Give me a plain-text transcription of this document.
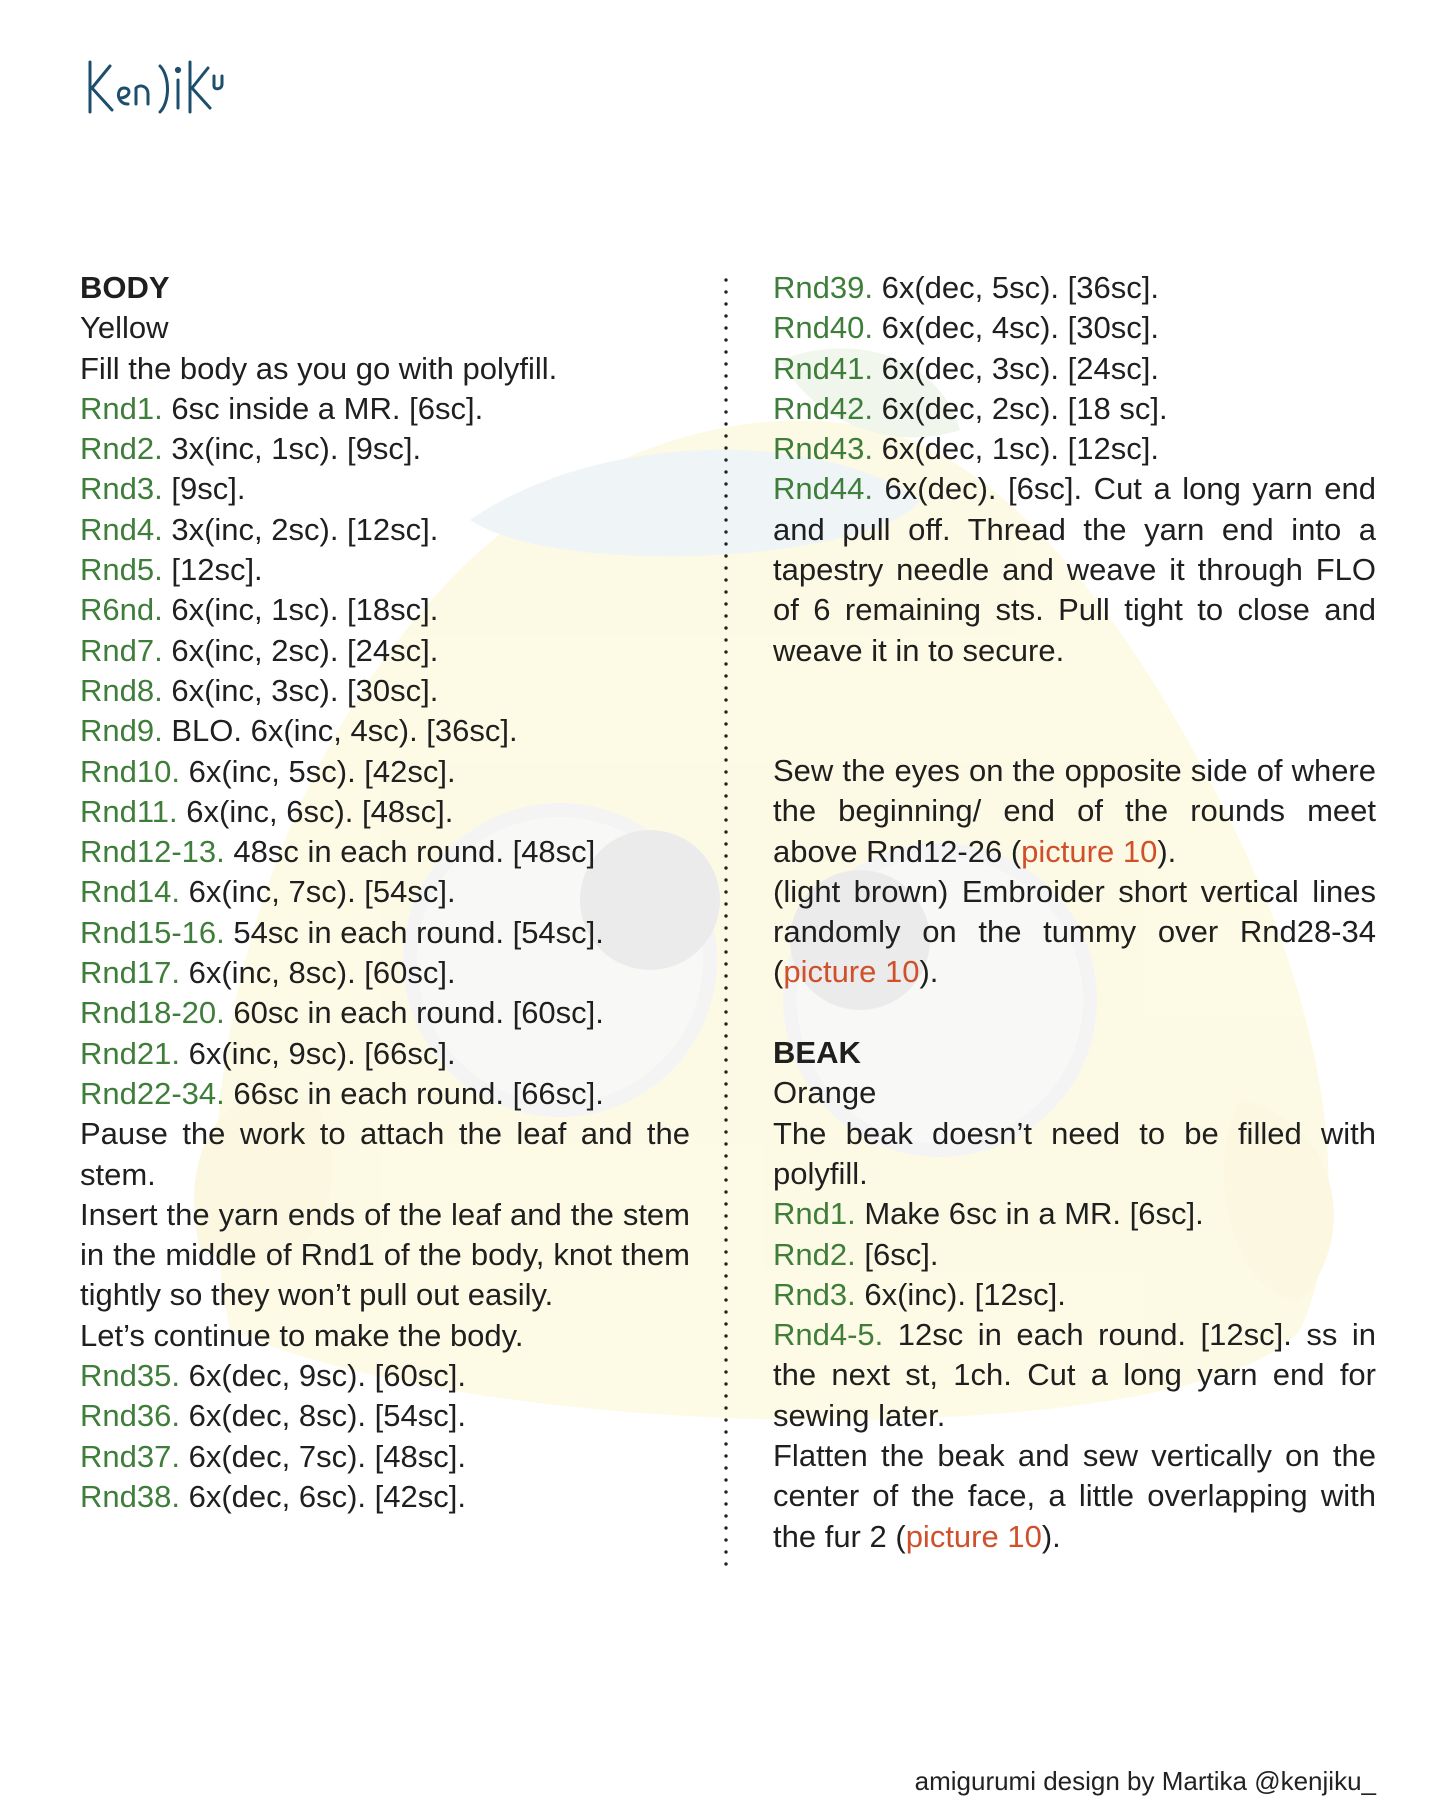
BODY
Yellow
Fill the body as you go with polyfill.
Rnd1. 6sc inside a MR. [6sc].
Rnd2. 3x(inc, 1sc). [9sc].
Rnd3. [9sc].
Rnd4. 3x(inc, 2sc). [12sc].
Rnd5. [12sc].
R6nd. 6x(inc, 1sc). [18sc].
Rnd7. 6x(inc, 2sc). [24sc].
Rnd8. 6x(inc, 3sc). [30sc].
Rnd9. BLO. 6x(inc, 4sc). [36sc].
Rnd10. 6x(inc, 5sc). [42sc].
Rnd11. 6x(inc, 6sc). [48sc].
Rnd12-13. 48sc in each round. [48sc]
Rnd14. 6x(inc, 7sc). [54sc].
Rnd15-16. 54sc in each round. [54sc].
Rnd17. 6x(inc, 8sc). [60sc].
Rnd18-20. 60sc in each round. [60sc].
Rnd21. 6x(inc, 9sc). [66sc].
Rnd22-34. 66sc in each round. [66sc].
Pause the work to attach the leaf and the stem.
Insert the yarn ends of the leaf and the stem in the middle of Rnd1 of the body, knot them tightly so they won’t pull out easily.
Let’s continue to make the body.
Rnd35. 6x(dec, 9sc). [60sc].
Rnd36. 6x(dec, 8sc). [54sc].
Rnd37. 6x(dec, 7sc). [48sc].
Rnd38. 6x(dec, 6sc). [42sc].
Rnd39. 6x(dec, 5sc). [36sc].
Rnd40. 6x(dec, 4sc). [30sc].
Rnd41. 6x(dec, 3sc). [24sc].
Rnd42. 6x(dec, 2sc). [18 sc].
Rnd43. 6x(dec, 1sc). [12sc].
Rnd44. 6x(dec). [6sc]. Cut a long yarn end and pull off. Thread the yarn end into a tapestry needle and weave it through FLO of 6 remaining sts. Pull tight to close and weave it in to secure.
Sew the eyes on the opposite side of where the beginning/ end of the rounds meet above Rnd12-26 (picture 10).
(light brown) Embroider short vertical lines randomly on the tummy over Rnd28-34 (picture 10).
BEAK
Orange
The beak doesn’t need to be filled with polyfill.
Rnd1. Make 6sc in a MR. [6sc].
Rnd2. [6sc].
Rnd3. 6x(inc). [12sc].
Rnd4-5. 12sc in each round. [12sc]. ss in the next st, 1ch. Cut a long yarn end for sewing later.
Flatten the beak and sew vertically on the center of the face, a little overlapping with the fur 2 (picture 10).
amigurumi design by Martika @kenjiku_
